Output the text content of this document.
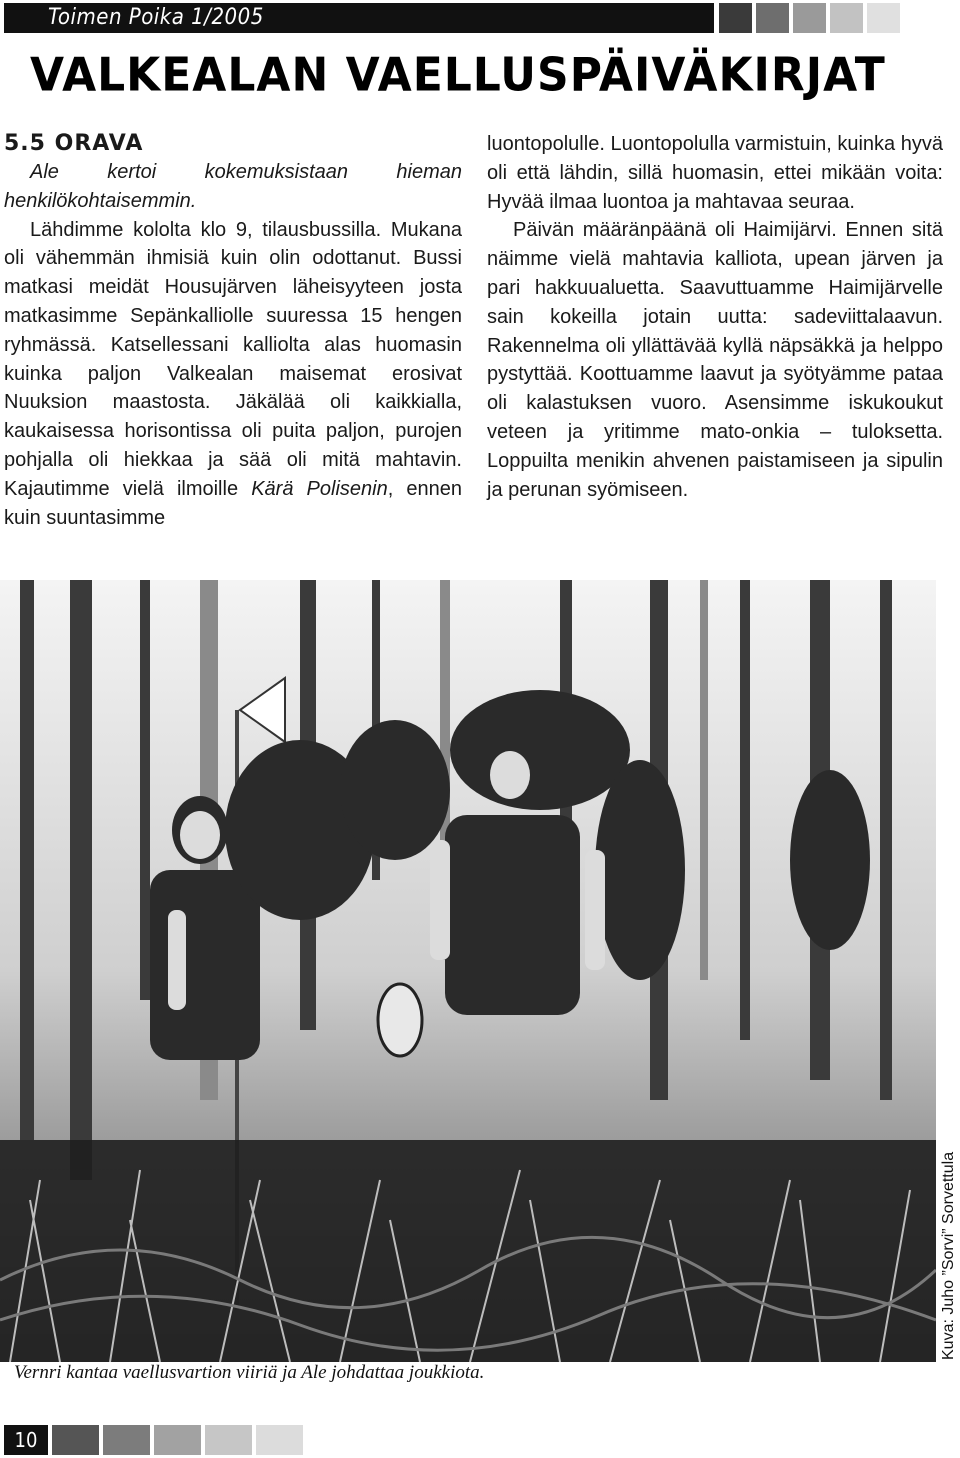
Toimen Poika 1/2005
VALKEALAN VAELLUSPÄIVÄKIRJAT
5.5 ORAVA

Ale kertoi kokemuksistaan hieman henkilökohtaisemmin.

Lähdimme kololta klo 9, tilausbussilla. Mukana oli vähemmän ihmisiä kuin olin odottanut. Bussi matkasi meidät Housujärven läheisyyteen josta matkasimme Sepänkalliolle suuressa 15 hengen ryhmässä. Katsellessani kalliolta alas huomasin kuinka paljon Valkealan maisemat erosivat Nuuksion maastosta. Jäkälää oli kaikkialla, kaukaisessa horisontissa oli puita paljon, purojen pohjalla oli hiekkaa ja sää oli mitä mahtavin. Kajautimme vielä ilmoille Kärä Polisenin, ennen kuin suuntasimme

luontopolulle. Luontopolulla varmistuin, kuinka hyvä oli että lähdin, sillä huomasin, ettei mikään voita: Hyvää ilmaa luontoa ja mahtavaa seuraa.

Päivän määränpäänä oli Haimijärvi. Ennen sitä näimme vielä mahtavia kalliota, upean järven ja pari hakkuualuetta. Saavuttuamme Haimijärvelle sain kokeilla jotain uutta: sadeviittalaavun. Rakennelma oli yllättävää kyllä näpsäkkä ja helppo pystyttää. Koottuamme laavut ja syötyämme pataa oli kalastuksen vuoro. Asensimme iskukoukut veteen ja yritimme mato-onkia – tuloksetta. Loppuilta menikin ahvenen paistamiseen ja sipulin ja perunan syömiseen.

Vernri kantaa vaellusvartion viiriä ja Ale johdattaa joukkiota.
Kuva: Juho ”Sorvi” Sorvettula
10
